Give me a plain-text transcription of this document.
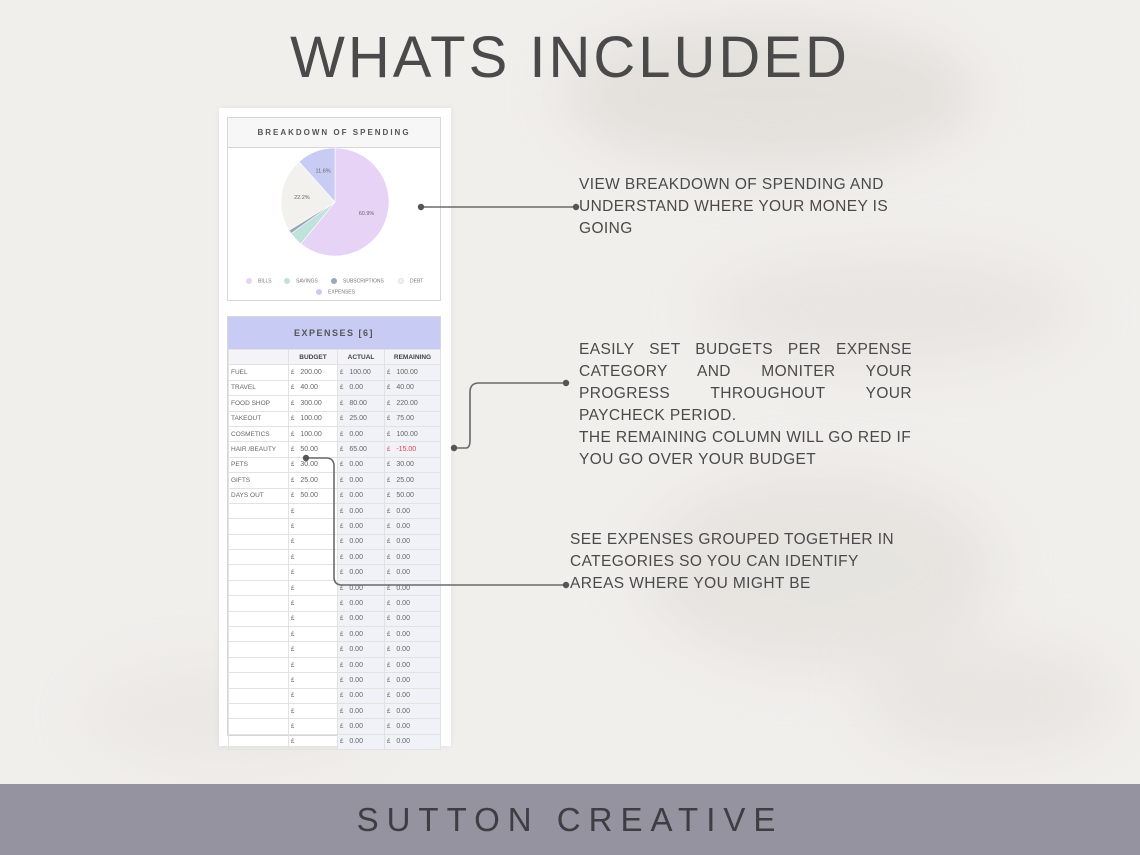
WHATS INCLUDED
BREAKDOWN OF SPENDING
60.9%
22.2%
11.6%
BILLS	SAVINGS	SUBSCRIPTIONS	DEBT
EXPENSES
EXPENSES [6]
	BUDGET	ACTUAL	REMAINING
FUEL	£ 200.00	£ 100.00	£ 100.00
TRAVEL	£ 40.00	£ 0.00	£ 40.00
FOOD SHOP	£ 300.00	£ 80.00	£ 220.00
TAKEOUT	£ 100.00	£ 25.00	£ 75.00
COSMETICS	£ 100.00	£ 0.00	£ 100.00
HAIR /BEAUTY	£ 50.00	£ 65.00	£ -15.00
PETS	£ 30.00	£ 0.00	£ 30.00
GIFTS	£ 25.00	£ 0.00	£ 25.00
DAYS OUT	£ 50.00	£ 0.00	£ 50.00
	£	£ 0.00	£ 0.00
	£	£ 0.00	£ 0.00
	£	£ 0.00	£ 0.00
	£	£ 0.00	£ 0.00
	£	£ 0.00	£ 0.00
	£	£ 0.00	£ 0.00
	£	£ 0.00	£ 0.00
	£	£ 0.00	£ 0.00
	£	£ 0.00	£ 0.00
	£	£ 0.00	£ 0.00
	£	£ 0.00	£ 0.00
	£	£ 0.00	£ 0.00
	£	£ 0.00	£ 0.00
	£	£ 0.00	£ 0.00
	£	£ 0.00	£ 0.00
	£	£ 0.00	£ 0.00
VIEW BREAKDOWN OF SPENDING AND UNDERSTAND WHERE YOUR MONEY IS GOING
EASILY SET BUDGETS PER EXPENSE CATEGORY AND MONITER YOUR PROGRESS THROUGHOUT YOUR PAYCHECK PERIOD.
THE REMAINING COLUMN WILL GO RED IF YOU GO OVER YOUR BUDGET
SEE EXPENSES GROUPED TOGETHER IN CATEGORIES SO YOU CAN IDENTIFY AREAS WHERE YOU MIGHT BE
SUTTON CREATIVE
